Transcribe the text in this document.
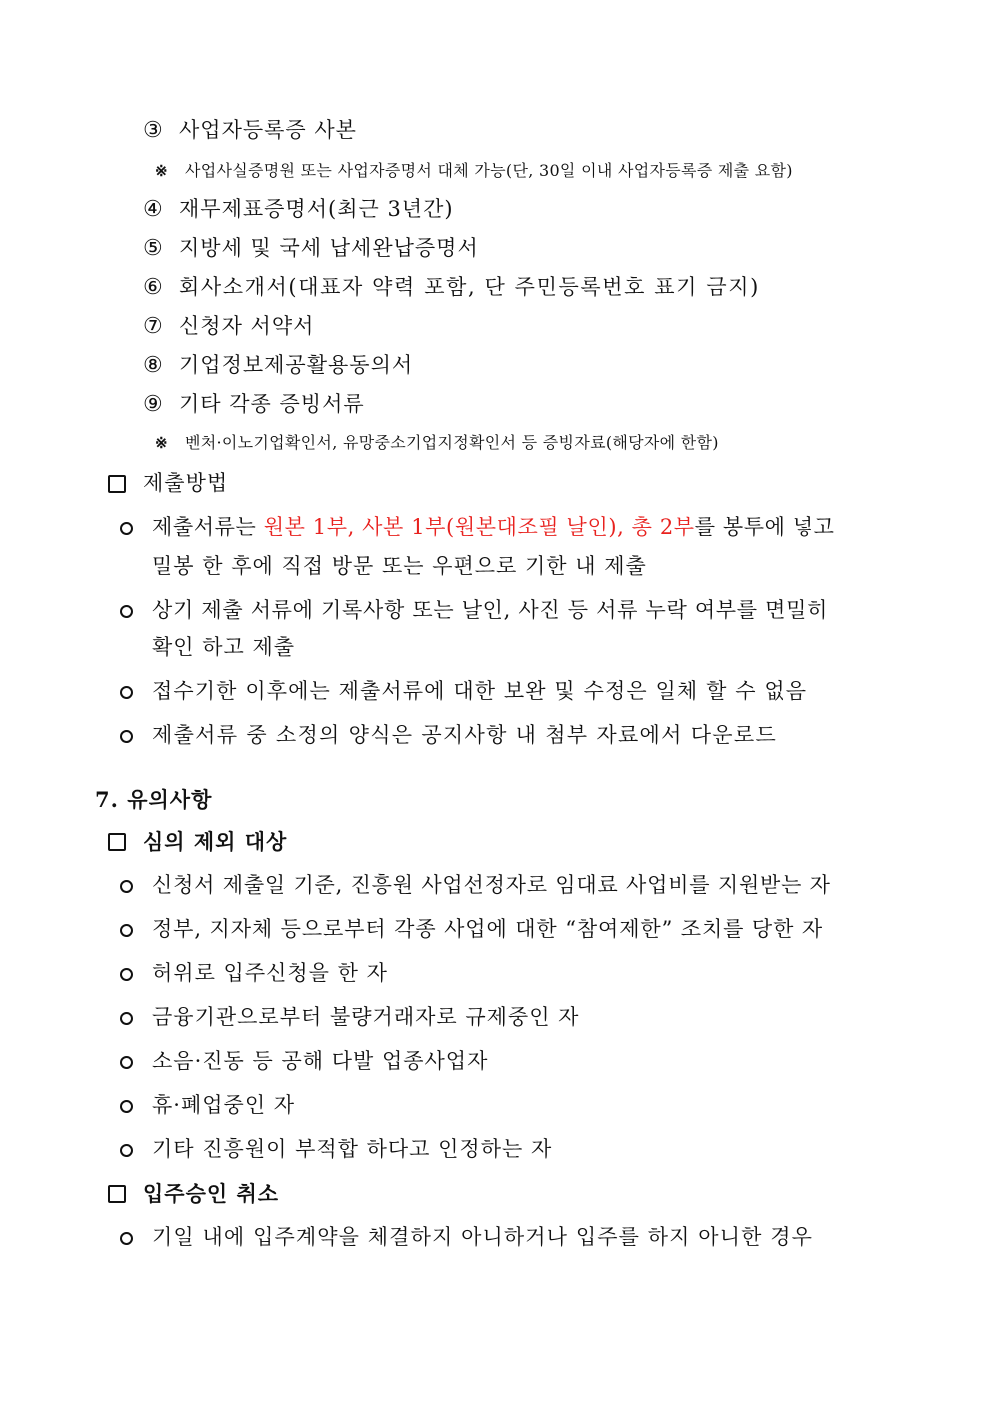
③ 사업자등록증 사본
※ 사업사실증명원 또는 사업자증명서 대체 가능(단, 30일 이내 사업자등록증 제출 요함)
④ 재무제표증명서(최근 3년간)
⑤ 지방세 및 국세 납세완납증명서
⑥ 회사소개서(대표자 약력 포함, 단 주민등록번호 표기 금지)
⑦ 신청자 서약서
⑧ 기업정보제공활용동의서
⑨ 기타 각종 증빙서류
※ 벤처·이노기업확인서, 유망중소기업지정확인서 등 증빙자료(해당자에 한함)
제출방법
제출서류는 원본 1부, 사본 1부(원본대조필 날인), 총 2부를 봉투에 넣고
밀봉 한 후에 직접 방문 또는 우편으로 기한 내 제출
상기 제출 서류에 기록사항 또는 날인, 사진 등 서류 누락 여부를 면밀히
확인 하고 제출
접수기한 이후에는 제출서류에 대한 보완 및 수정은 일체 할 수 없음
제출서류 중 소정의 양식은 공지사항 내 첨부 자료에서 다운로드
7. 유의사항
심의 제외 대상
신청서 제출일 기준, 진흥원 사업선정자로 임대료 사업비를 지원받는 자
정부, 지자체 등으로부터 각종 사업에 대한 “참여제한” 조치를 당한 자
허위로 입주신청을 한 자
금융기관으로부터 불량거래자로 규제중인 자
소음·진동 등 공해 다발 업종사업자
휴·폐업중인 자
기타 진흥원이 부적합 하다고 인정하는 자
입주승인 취소
기일 내에 입주계약을 체결하지 아니하거나 입주를 하지 아니한 경우
